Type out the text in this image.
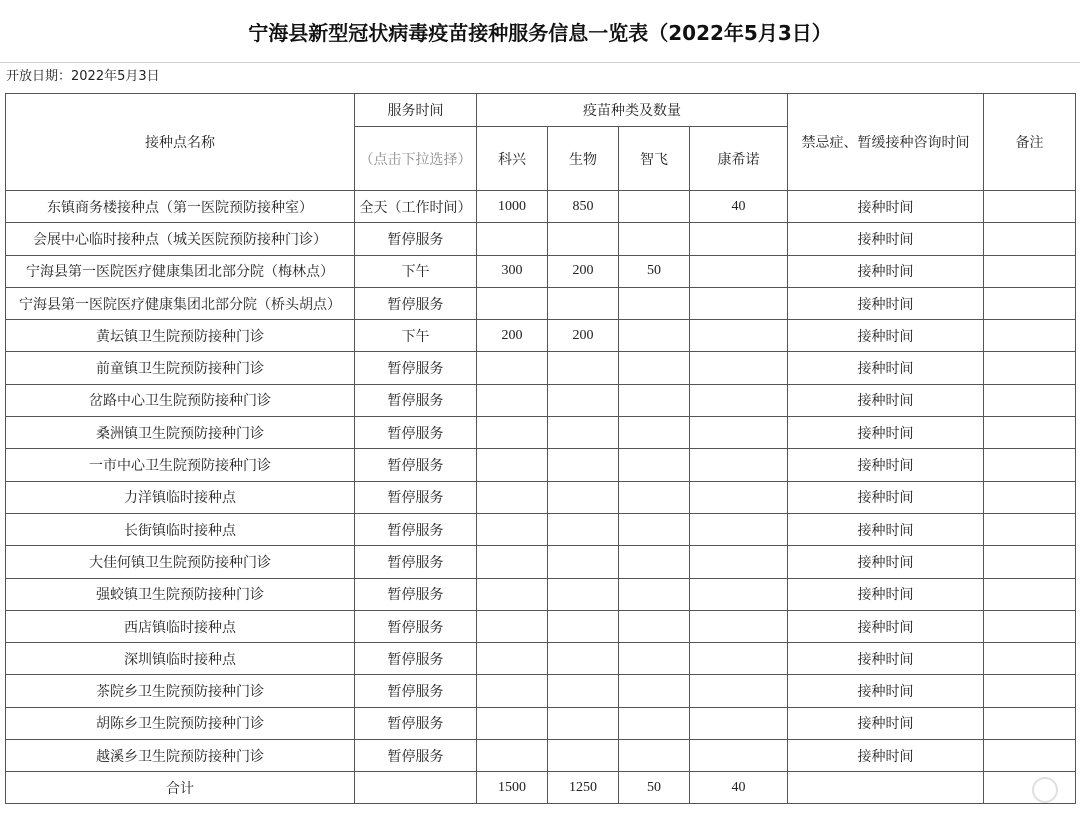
宁海县新型冠状病毒疫苗接种服务信息一览表（2022年5月3日）
开放日期：2022年5月3日
接种点名称	服务时间	疫苗种类及数量				禁忌症、暂缓接种咨询时间	备注
	（点击下拉选择）	科兴	生物	智飞	康希诺		
东镇商务楼接种点（第一医院预防接种室）	全天（工作时间）	1000	850		40	接种时间	
会展中心临时接种点（城关医院预防接种门诊）	暂停服务					接种时间	
宁海县第一医院医疗健康集团北部分院（梅林点）	下午	300	200	50		接种时间	
宁海县第一医院医疗健康集团北部分院（桥头胡点）	暂停服务					接种时间	
黄坛镇卫生院预防接种门诊	下午	200	200			接种时间	
前童镇卫生院预防接种门诊	暂停服务					接种时间	
岔路中心卫生院预防接种门诊	暂停服务					接种时间	
桑洲镇卫生院预防接种门诊	暂停服务					接种时间	
一市中心卫生院预防接种门诊	暂停服务					接种时间	
力洋镇临时接种点	暂停服务					接种时间	
长街镇临时接种点	暂停服务					接种时间	
大佳何镇卫生院预防接种门诊	暂停服务					接种时间	
强蛟镇卫生院预防接种门诊	暂停服务					接种时间	
西店镇临时接种点	暂停服务					接种时间	
深圳镇临时接种点	暂停服务					接种时间	
茶院乡卫生院预防接种门诊	暂停服务					接种时间	
胡陈乡卫生院预防接种门诊	暂停服务					接种时间	
越溪乡卫生院预防接种门诊	暂停服务					接种时间	
合计		1500	1250	50	40		
